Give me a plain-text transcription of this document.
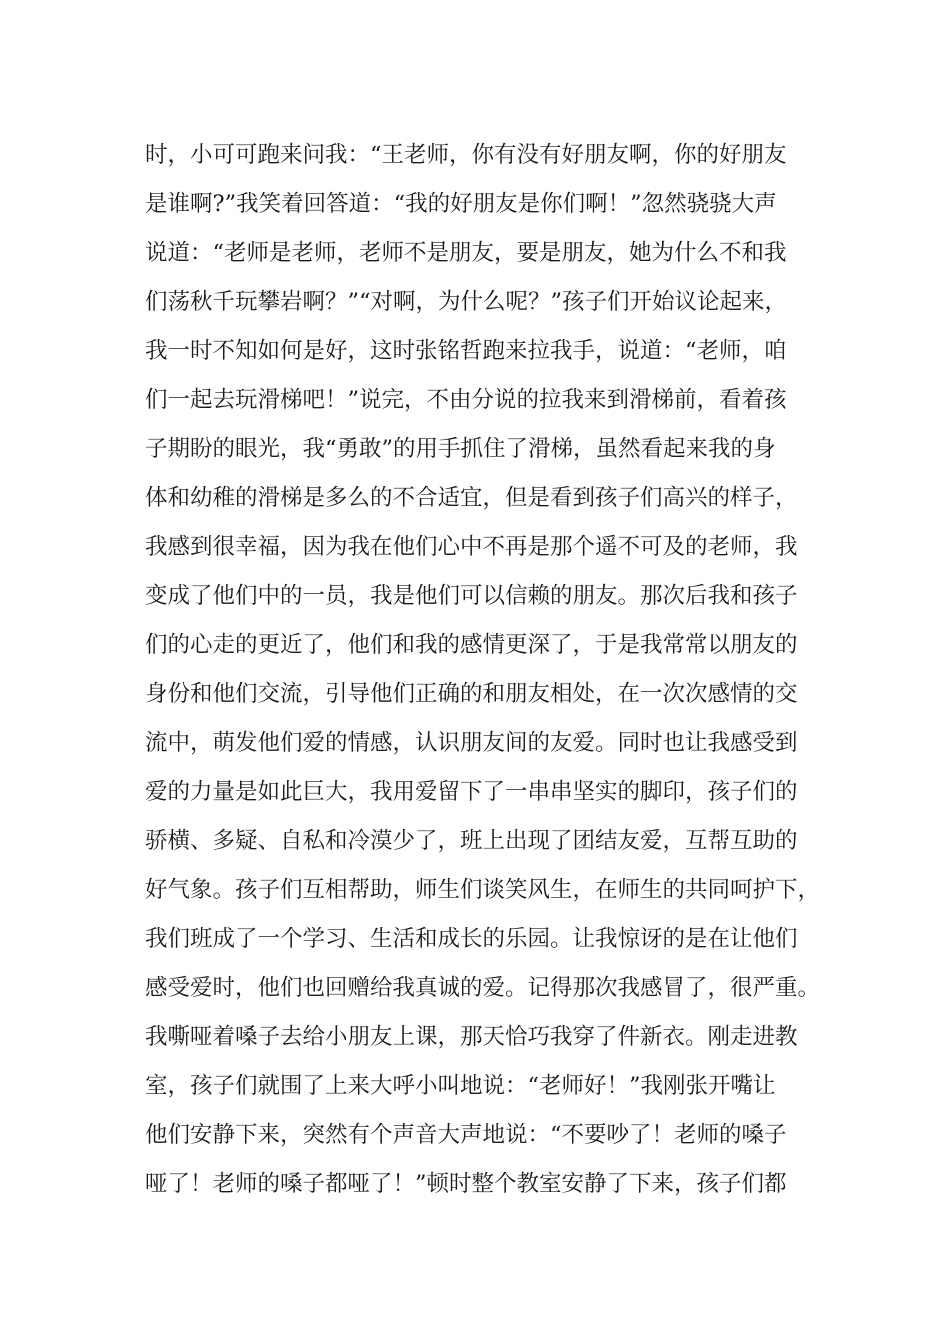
时，小可可跑来问我：“王老师，你有没有好朋友啊，你的好朋友
是谁啊?”我笑着回答道：“我的好朋友是你们啊！”忽然骁骁大声
说道：“老师是老师，老师不是朋友，要是朋友，她为什么不和我
们荡秋千玩攀岩啊？”“对啊，为什么呢？”孩子们开始议论起来，
我一时不知如何是好，这时张铭哲跑来拉我手，说道：“老师，咱
们一起去玩滑梯吧！”说完，不由分说的拉我来到滑梯前，看着孩
子期盼的眼光，我“勇敢”的用手抓住了滑梯，虽然看起来我的身
体和幼稚的滑梯是多么的不合适宜，但是看到孩子们高兴的样子，
我感到很幸福，因为我在他们心中不再是那个遥不可及的老师，我
变成了他们中的一员，我是他们可以信赖的朋友。那次后我和孩子
们的心走的更近了，他们和我的感情更深了，于是我常常以朋友的
身份和他们交流，引导他们正确的和朋友相处，在一次次感情的交
流中，萌发他们爱的情感，认识朋友间的友爱。同时也让我感受到
爱的力量是如此巨大，我用爱留下了一串串坚实的脚印，孩子们的
骄横、多疑、自私和冷漠少了，班上出现了团结友爱，互帮互助的
好气象。孩子们互相帮助，师生们谈笑风生，在师生的共同呵护下，
我们班成了一个学习、生活和成长的乐园。让我惊讶的是在让他们
感受爱时，他们也回赠给我真诚的爱。记得那次我感冒了，很严重。
我嘶哑着嗓子去给小朋友上课，那天恰巧我穿了件新衣。刚走进教
室，孩子们就围了上来大呼小叫地说：“老师好！”我刚张开嘴让
他们安静下来，突然有个声音大声地说：“不要吵了！老师的嗓子
哑了！老师的嗓子都哑了！”顿时整个教室安静了下来，孩子们都
